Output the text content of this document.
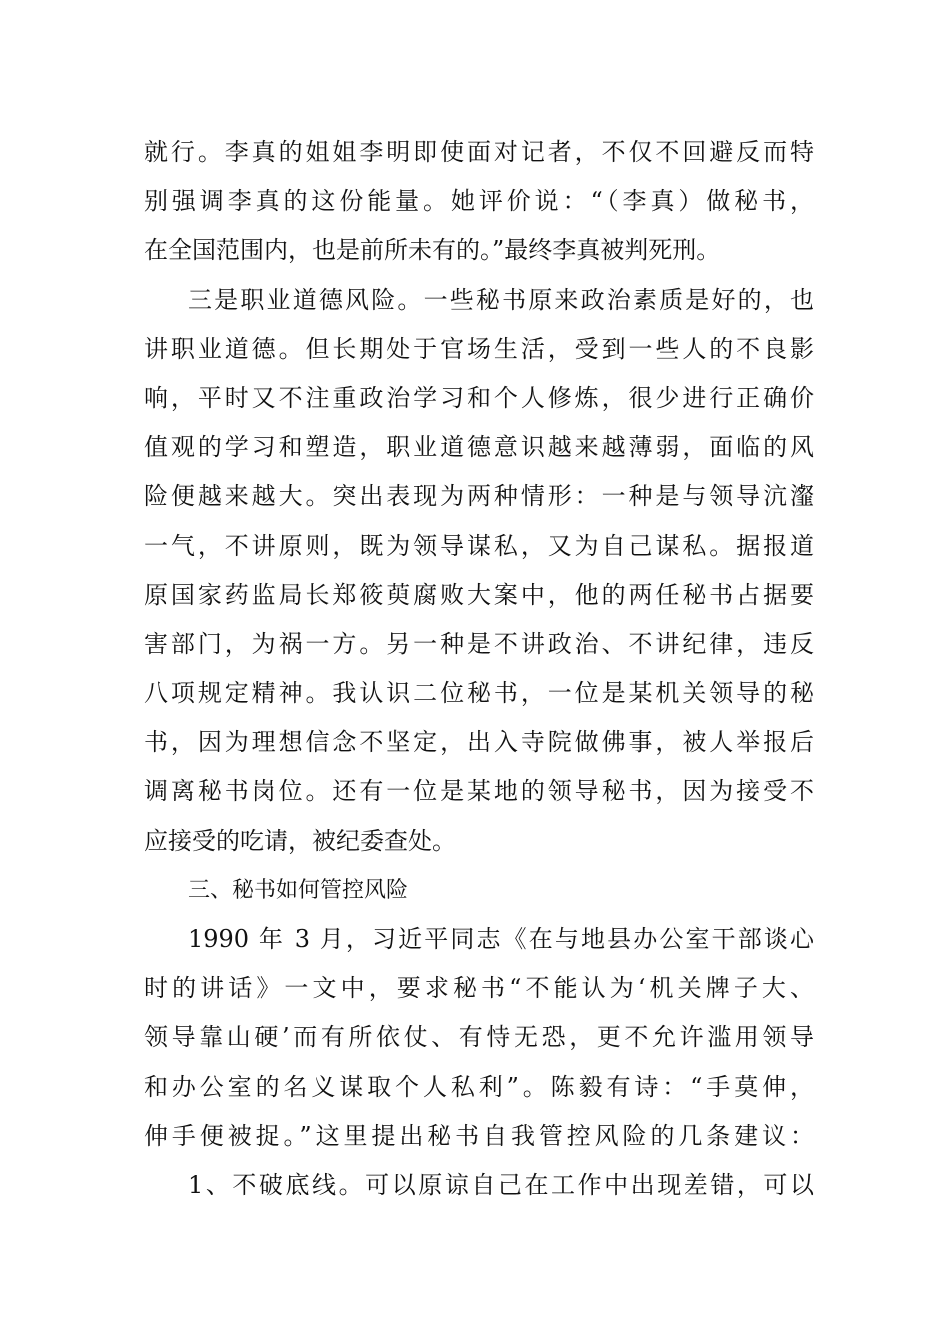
就行。李真的姐姐李明即使面对记者，不仅不回避反而特
别强调李真的这份能量。她评价说：“（李真）做秘书，
在全国范围内，也是前所未有的。”最终李真被判死刑。
三是职业道德风险。一些秘书原来政治素质是好的，也
讲职业道德。但长期处于官场生活，受到一些人的不良影
响，平时又不注重政治学习和个人修炼，很少进行正确价
值观的学习和塑造，职业道德意识越来越薄弱，面临的风
险便越来越大。突出表现为两种情形：一种是与领导沆瀣
一气，不讲原则，既为领导谋私，又为自己谋私。据报道
原国家药监局长郑筱萸腐败大案中，他的两任秘书占据要
害部门，为祸一方。另一种是不讲政治、不讲纪律，违反
八项规定精神。我认识二位秘书，一位是某机关领导的秘
书，因为理想信念不坚定，出入寺院做佛事，被人举报后
调离秘书岗位。还有一位是某地的领导秘书，因为接受不
应接受的吃请，被纪委查处。
三、秘书如何管控风险
1990 年 3 月，习近平同志《在与地县办公室干部谈心
时的讲话》一文中，要求秘书“不能认为‘机关牌子大、
领导靠山硬’而有所依仗、有恃无恐，更不允许滥用领导
和办公室的名义谋取个人私利”。陈毅有诗：“手莫伸，
伸手便被捉。”这里提出秘书自我管控风险的几条建议：
1、不破底线。可以原谅自己在工作中出现差错，可以
